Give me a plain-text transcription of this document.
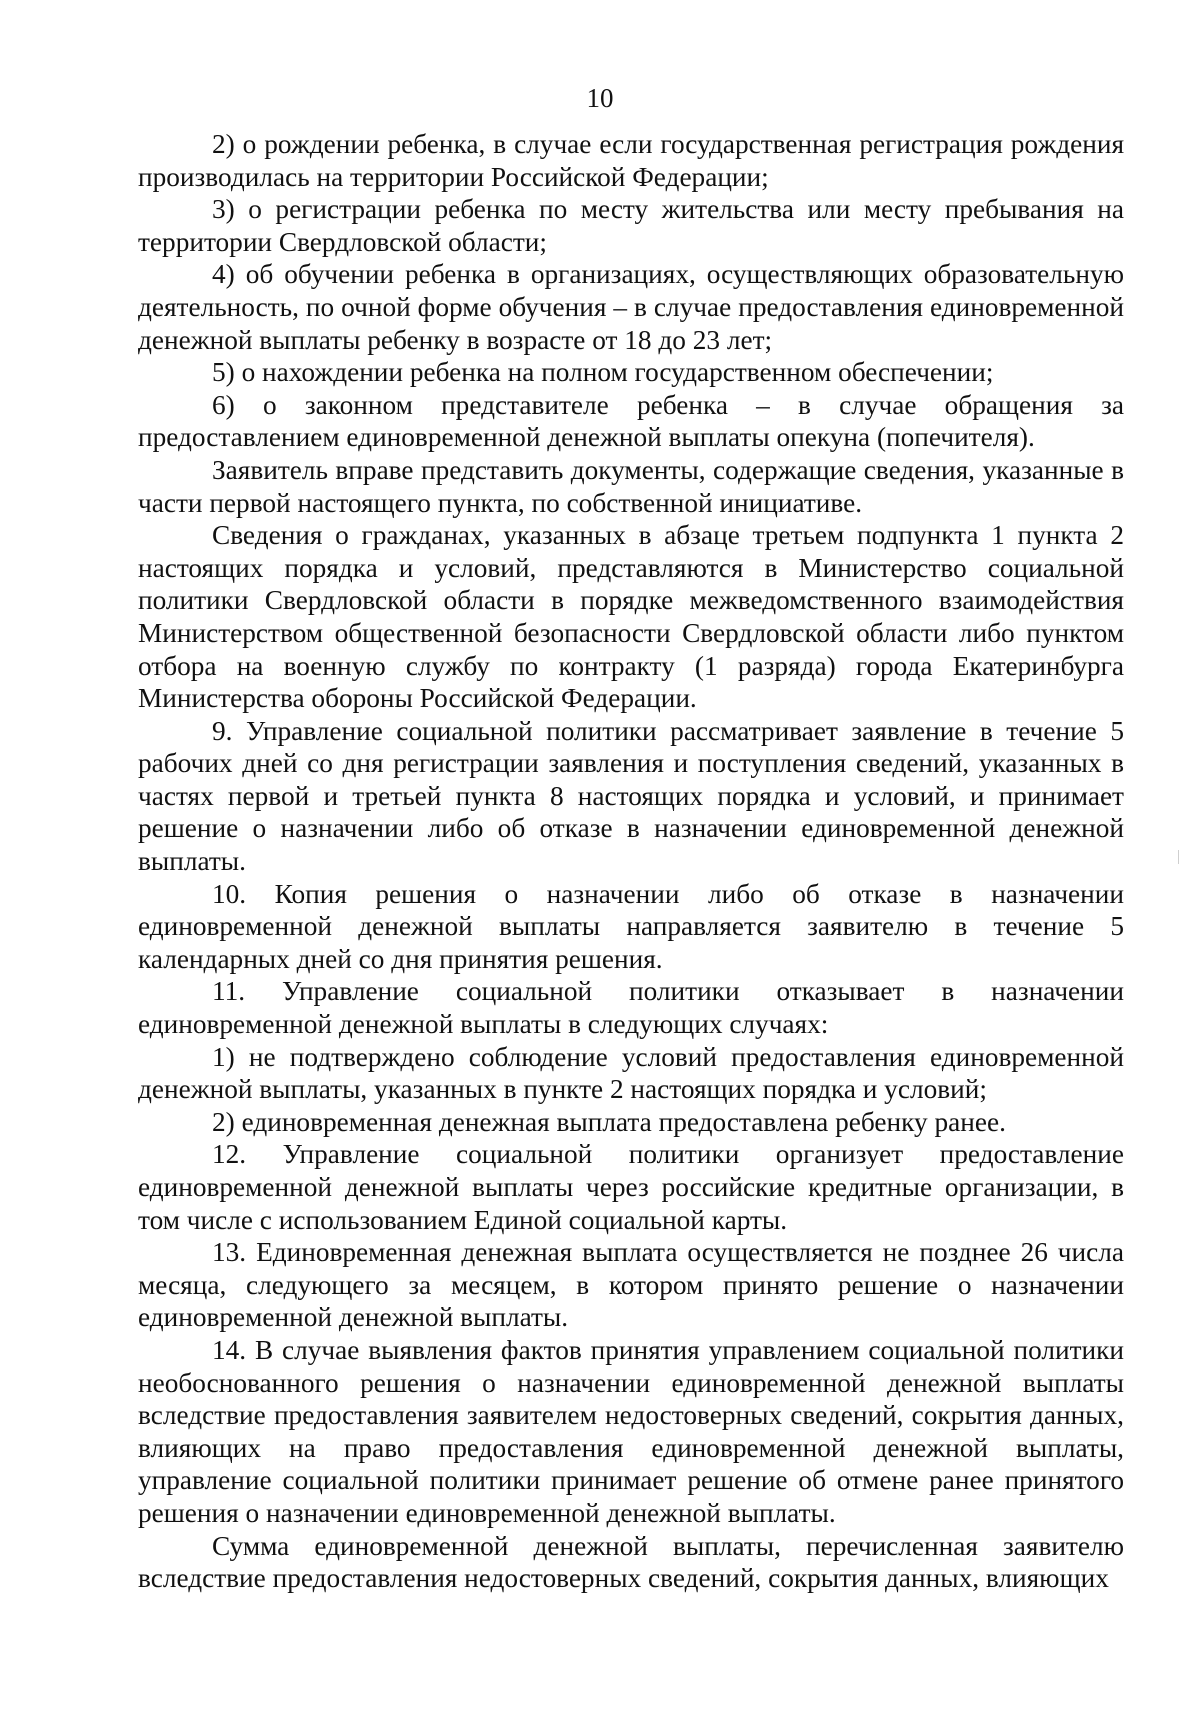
10

2) о рождении ребенка, в случае если государственная регистрация рождения производилась на территории Российской Федерации;

3) о регистрации ребенка по месту жительства или месту пребывания на территории Свердловской области;

4) об обучении ребенка в организациях, осуществляющих образовательную деятельность, по очной форме обучения – в случае предоставления единовременной денежной выплаты ребенку в возрасте от 18 до 23 лет;

5) о нахождении ребенка на полном государственном обеспечении;

6) о законном представителе ребенка – в случае обращения за предоставлением единовременной денежной выплаты опекуна (попечителя).

Заявитель вправе представить документы, содержащие сведения, указанные в части первой настоящего пункта, по собственной инициативе.

Сведения о гражданах, указанных в абзаце третьем подпункта 1 пункта 2 настоящих порядка и условий, представляются в Министерство социальной политики Свердловской области в порядке межведомственного взаимодействия Министерством общественной безопасности Свердловской области либо пунктом отбора на военную службу по контракту (1 разряда) города Екатеринбурга Министерства обороны Российской Федерации.

9. Управление социальной политики рассматривает заявление в течение 5 рабочих дней со дня регистрации заявления и поступления сведений, указанных в частях первой и третьей пункта 8 настоящих порядка и условий, и принимает решение о назначении либо об отказе в назначении единовременной денежной выплаты.

10. Копия решения о назначении либо об отказе в назначении единовременной денежной выплаты направляется заявителю в течение 5 календарных дней со дня принятия решения.

11. Управление социальной политики отказывает в назначении единовременной денежной выплаты в следующих случаях:

1) не подтверждено соблюдение условий предоставления единовременной денежной выплаты, указанных в пункте 2 настоящих порядка и условий;

2) единовременная денежная выплата предоставлена ребенку ранее.

12. Управление социальной политики организует предоставление единовременной денежной выплаты через российские кредитные организации, в том числе с использованием Единой социальной карты.

13. Единовременная денежная выплата осуществляется не позднее 26 числа месяца, следующего за месяцем, в котором принято решение о назначении единовременной денежной выплаты.

14. В случае выявления фактов принятия управлением социальной политики необоснованного решения о назначении единовременной денежной выплаты вследствие предоставления заявителем недостоверных сведений, сокрытия данных, влияющих на право предоставления единовременной денежной выплаты, управление социальной политики принимает решение об отмене ранее принятого решения о назначении единовременной денежной выплаты.

Сумма единовременной денежной выплаты, перечисленная заявителю вследствие предоставления недостоверных сведений, сокрытия данных, влияющих
